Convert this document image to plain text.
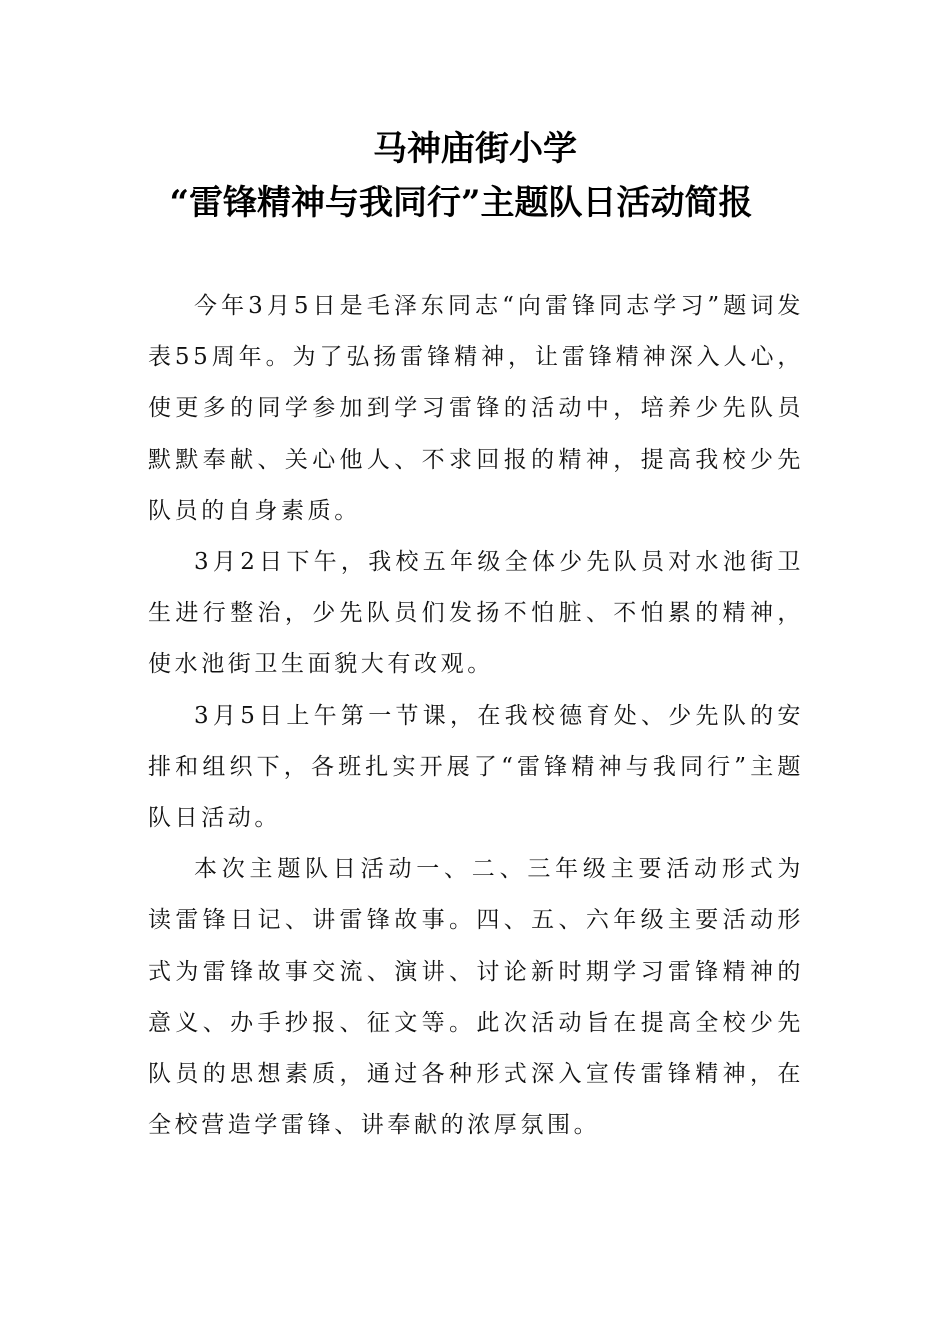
马神庙街小学
“雷锋精神与我同行”主题队日活动简报

今年3月5日是毛泽东同志“向雷锋同志学习”题词发表55周年。为了弘扬雷锋精神，让雷锋精神深入人心，使更多的同学参加到学习雷锋的活动中，培养少先队员默默奉献、关心他人、不求回报的精神，提高我校少先队员的自身素质。

3月2日下午，我校五年级全体少先队员对水池街卫生进行整治，少先队员们发扬不怕脏、不怕累的精神，使水池街卫生面貌大有改观。

3月5日上午第一节课，在我校德育处、少先队的安排和组织下，各班扎实开展了“雷锋精神与我同行”主题队日活动。

本次主题队日活动一、二、三年级主要活动形式为读雷锋日记、讲雷锋故事。四、五、六年级主要活动形式为雷锋故事交流、演讲、讨论新时期学习雷锋精神的意义、办手抄报、征文等。此次活动旨在提高全校少先队员的思想素质，通过各种形式深入宣传雷锋精神，在全校营造学雷锋、讲奉献的浓厚氛围。
